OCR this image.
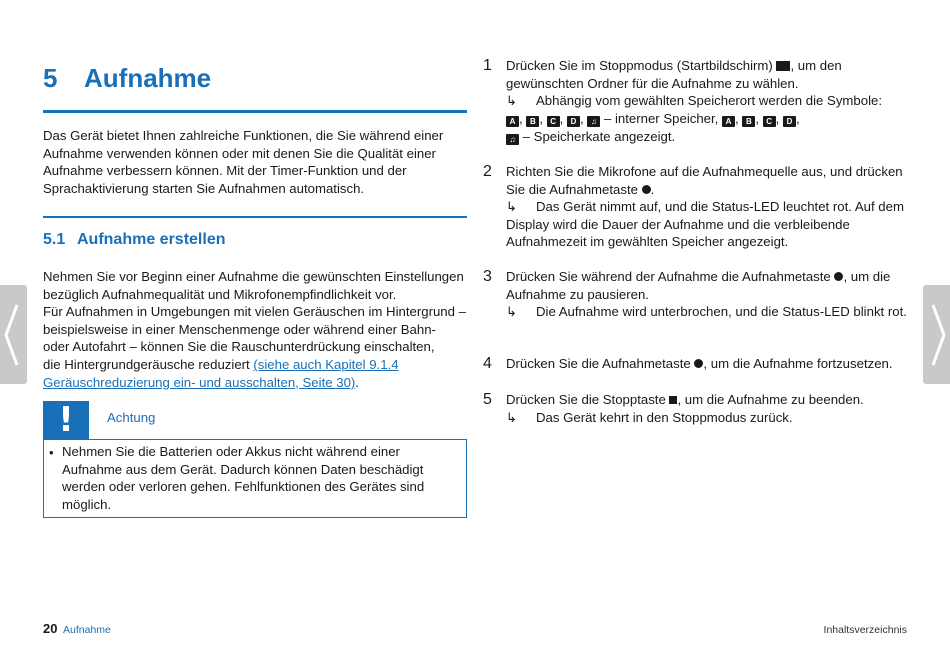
5 Aufnahme

Das Gerät bietet Ihnen zahlreiche Funktionen, die Sie während einer Aufnahme verwenden können oder mit denen Sie die Qualität einer Aufnahme verbessern können. Mit der Timer-Funktion und der Sprachaktivierung starten Sie Aufnahmen automatisch.

5.1 Aufnahme erstellen
Nehmen Sie vor Beginn einer Aufnahme die gewünschten Einstellungen
bezüglich Aufnahmequalität und Mikrofonempfindlichkeit vor.
Für Aufnahmen in Umgebungen mit vielen Geräuschen im Hintergrund –
beispielsweise in einer Menschenmenge oder während einer Bahn-
oder Autofahrt – können Sie die Rauschunterdrückung einschalten,
die Hintergrundgeräusche reduziert (siehe auch Kapitel 9.1.4
Geräuschreduzierung ein- und ausschalten, Seite 30).
!	Achtung
• Nehmen Sie die Batterien oder Akkus nicht während einer Aufnahme aus dem Gerät. Dadurch können Daten beschädigt werden oder verloren gehen. Fehlfunktionen des Gerätes sind möglich.
1 Drücken Sie im Stoppmodus (Startbildschirm) , um den gewünschten Ordner für die Aufnahme zu wählen.
↳ Abhängig vom gewählten Speicherort werden die Symbole:

A , B , C , D , ♫ – interner Speicher, A , B , C , D ,
♫ – Speicherkate angezeigt.
2 Richten Sie die Mikrofone auf die Aufnahmequelle aus, und drücken Sie die Aufnahmetaste .
↳ Das Gerät nimmt auf, und die Status-LED leuchtet rot. Auf dem Display wird die Dauer der Aufnahme und die verbleibende Aufnahmezeit im gewählten Speicher angezeigt.
3 Drücken Sie während der Aufnahme die Aufnahmetaste , um die Aufnahme zu pausieren.
↳ Die Aufnahme wird unterbrochen, und die Status-LED blinkt rot.
4 Drücken Sie die Aufnahmetaste , um die Aufnahme fortzusetzen.
5 Drücken Sie die Stopptaste , um die Aufnahme zu beenden.
↳ Das Gerät kehrt in den Stoppmodus zurück.
20 Aufnahme	Inhaltsverzeichnis
